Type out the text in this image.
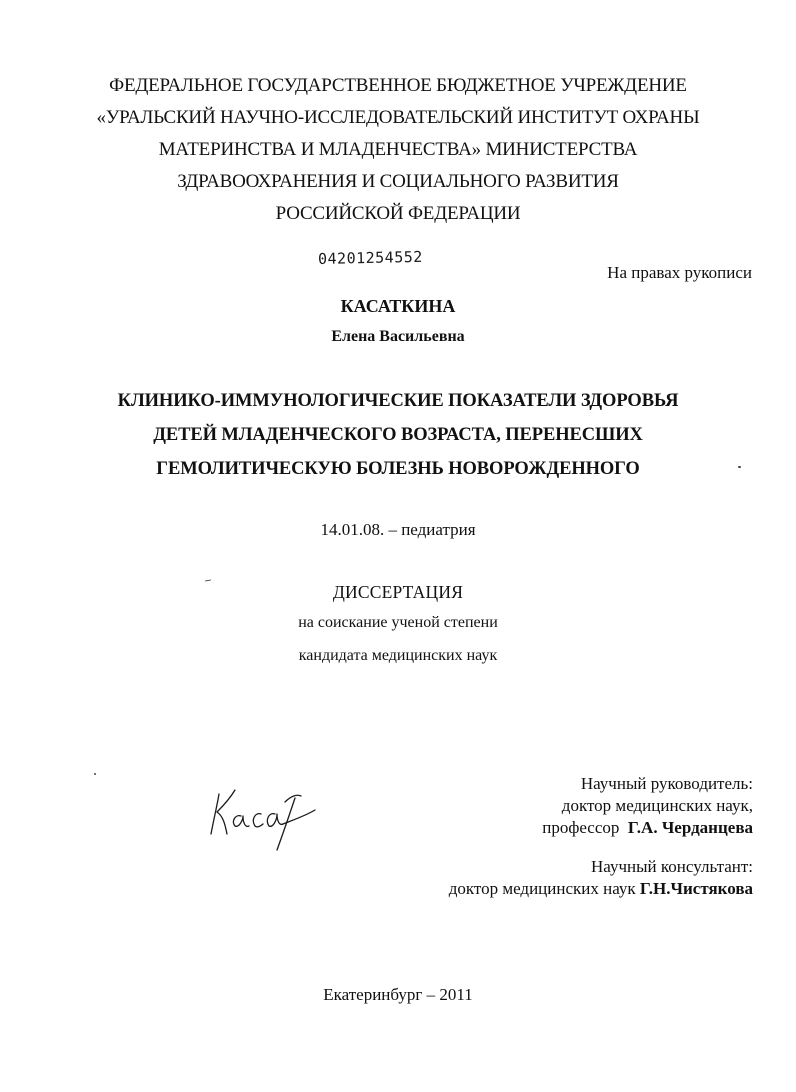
ФЕДЕРАЛЬНОЕ ГОСУДАРСТВЕННОЕ БЮДЖЕТНОЕ УЧРЕЖДЕНИЕ
«УРАЛЬСКИЙ НАУЧНО-ИССЛЕДОВАТЕЛЬСКИЙ ИНСТИТУТ ОХРАНЫ
МАТЕРИНСТВА И МЛАДЕНЧЕСТВА» МИНИСТЕРСТВА
ЗДРАВООХРАНЕНИЯ И СОЦИАЛЬНОГО РАЗВИТИЯ
РОССИЙСКОЙ ФЕДЕРАЦИИ
04201254552
На правах рукописи
КАСАТКИНА
Елена Васильевна
КЛИНИКО-ИММУНОЛОГИЧЕСКИЕ ПОКАЗАТЕЛИ ЗДОРОВЬЯ
ДЕТЕЙ МЛАДЕНЧЕСКОГО ВОЗРАСТА, ПЕРЕНЕСШИХ
ГЕМОЛИТИЧЕСКУЮ БОЛЕЗНЬ НОВОРОЖДЕННОГО
14.01.08. – педиатрия
ДИССЕРТАЦИЯ
на соискание ученой степени
кандидата медицинских наук
Научный руководитель:
доктор медицинских наук,
профессор Г.А. Черданцева
Научный консультант:
доктор медицинских наук Г.Н.Чистякова
Екатеринбург – 2011
